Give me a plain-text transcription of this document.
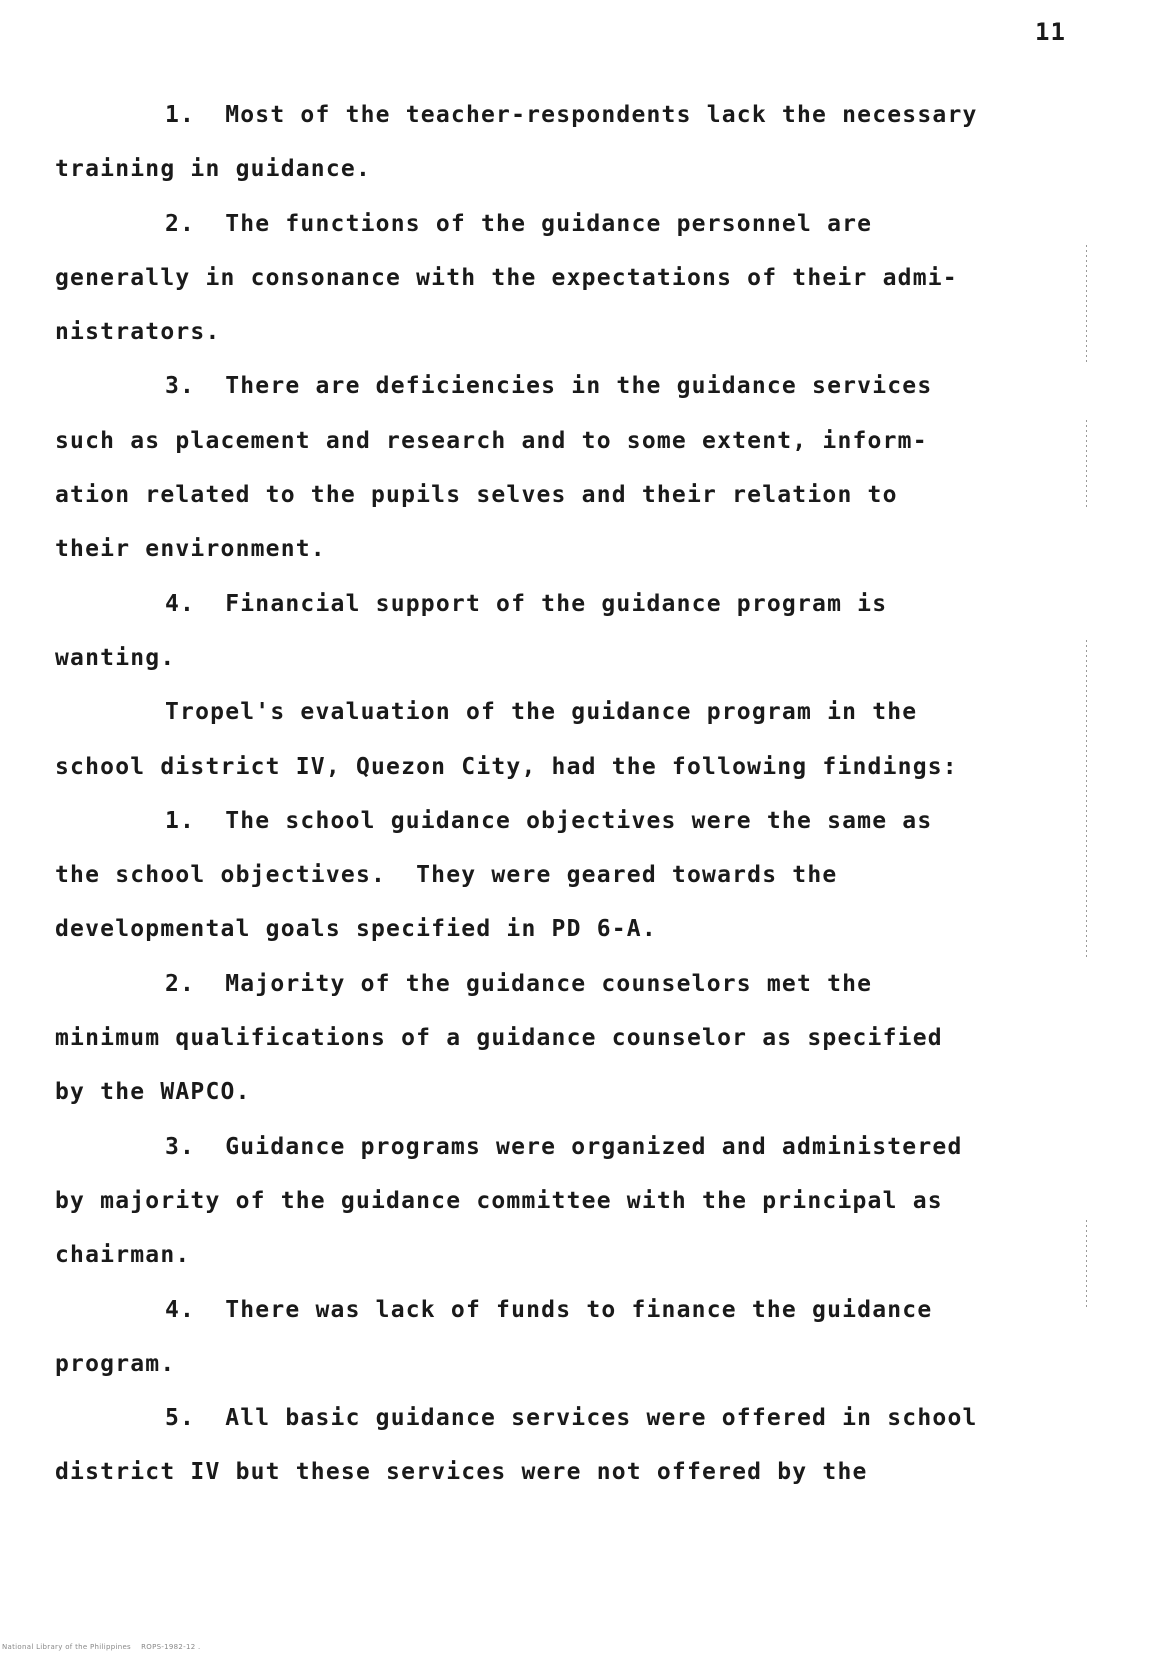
11
1.  Most of the teacher-respondents lack the necessary
training in guidance.
2.  The functions of the guidance personnel are
generally in consonance with the expectations of their admi-
nistrators.
3.  There are deficiencies in the guidance services
such as placement and research and to some extent, inform-
ation related to the pupils selves and their relation to
their environment.
4.  Financial support of the guidance program is
wanting.
Tropel's evaluation of the guidance program in the
school district IV, Quezon City, had the following findings:
1.  The school guidance objectives were the same as
the school objectives.  They were geared towards the
developmental goals specified in PD 6-A.
2.  Majority of the guidance counselors met the
minimum qualifications of a guidance counselor as specified
by the WAPCO.
3.  Guidance programs were organized and administered
by majority of the guidance committee with the principal as
chairman.
4.  There was lack of funds to finance the guidance
program.
5.  All basic guidance services were offered in school
district IV but these services were not offered by the
National Library of the Philippines    ROPS-1982-12 .
